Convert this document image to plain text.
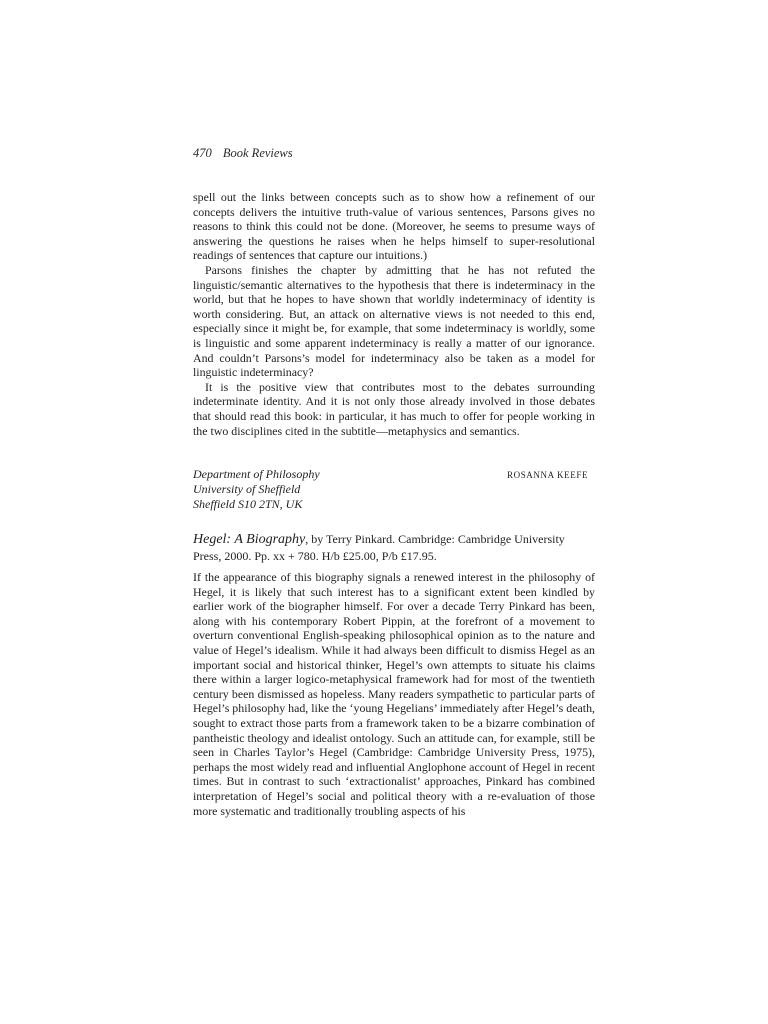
470 Book Reviews

spell out the links between concepts such as to show how a refinement of our concepts delivers the intuitive truth-value of various sentences, Parsons gives no reasons to think this could not be done. (Moreover, he seems to presume ways of answering the questions he raises when he helps himself to super-resolutional readings of sentences that capture our intuitions.)

Parsons finishes the chapter by admitting that he has not refuted the linguistic/semantic alternatives to the hypothesis that there is indeterminacy in the world, but that he hopes to have shown that worldly indeterminacy of identity is worth considering. But, an attack on alternative views is not needed to this end, especially since it might be, for example, that some indeterminacy is worldly, some is linguistic and some apparent indeterminacy is really a matter of our ignorance. And couldn’t Parsons’s model for indeterminacy also be taken as a model for linguistic indeterminacy?

It is the positive view that contributes most to the debates surrounding indeterminate identity. And it is not only those already involved in those debates that should read this book: in particular, it has much to offer for people working in the two disciplines cited in the subtitle—metaphysics and semantics.

Department of Philosophy
University of Sheffield
Sheffield S10 2TN, UK
ROSANNA KEEFE
Hegel: A Biography, by Terry Pinkard. Cambridge: Cambridge University Press, 2000. Pp. xx + 780. H/b £25.00, P/b £17.95.

If the appearance of this biography signals a renewed interest in the philosophy of Hegel, it is likely that such interest has to a significant extent been kindled by earlier work of the biographer himself. For over a decade Terry Pinkard has been, along with his contemporary Robert Pippin, at the forefront of a movement to overturn conventional English-speaking philosophical opinion as to the nature and value of Hegel’s idealism. While it had always been difficult to dismiss Hegel as an important social and historical thinker, Hegel’s own attempts to situate his claims there within a larger logico-metaphysical framework had for most of the twentieth century been dismissed as hopeless. Many readers sympathetic to particular parts of Hegel’s philosophy had, like the ‘young Hegelians’ immediately after Hegel’s death, sought to extract those parts from a framework taken to be a bizarre combination of pantheistic theology and idealist ontology. Such an attitude can, for example, still be seen in Charles Taylor’s Hegel (Cambridge: Cambridge University Press, 1975), perhaps the most widely read and influential Anglophone account of Hegel in recent times. But in contrast to such ‘extractionalist’ approaches, Pinkard has combined interpretation of Hegel’s social and political theory with a re-evaluation of those more systematic and traditionally troubling aspects of his
